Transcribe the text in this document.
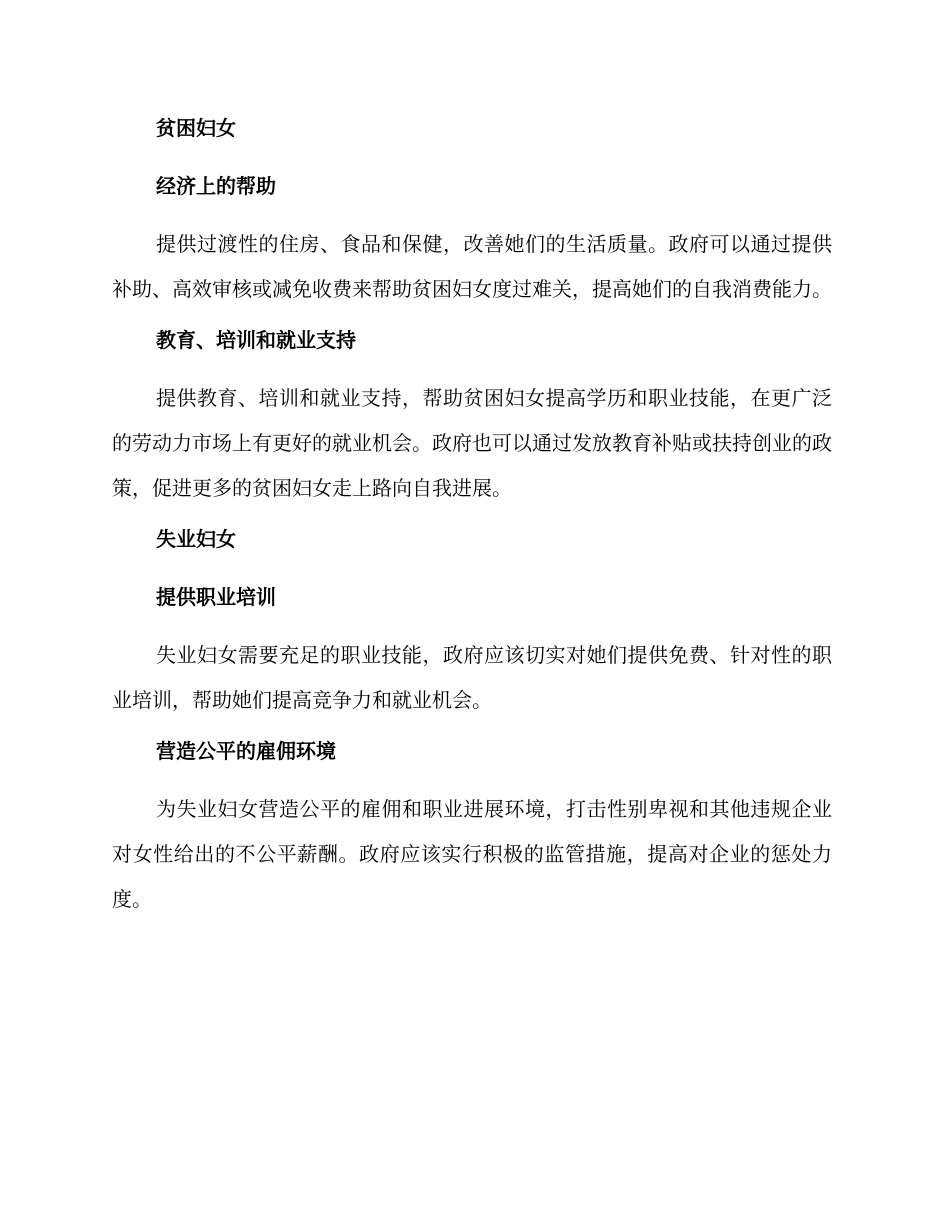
贫困妇女
经济上的帮助

提供过渡性的住房、食品和保健，改善她们的生活质量。政府可以通过提供补助、高效审核或减免收费来帮助贫困妇女度过难关，提高她们的自我消费能力。

教育、培训和就业支持

提供教育、培训和就业支持，帮助贫困妇女提高学历和职业技能，在更广泛的劳动力市场上有更好的就业机会。政府也可以通过发放教育补贴或扶持创业的政策，促进更多的贫困妇女走上路向自我进展。

失业妇女
提供职业培训

失业妇女需要充足的职业技能，政府应该切实对她们提供免费、针对性的职业培训，帮助她们提高竞争力和就业机会。

营造公平的雇佣环境

为失业妇女营造公平的雇佣和职业进展环境，打击性别卑视和其他违规企业对女性给出的不公平薪酬。政府应该实行积极的监管措施，提高对企业的惩处力度。
